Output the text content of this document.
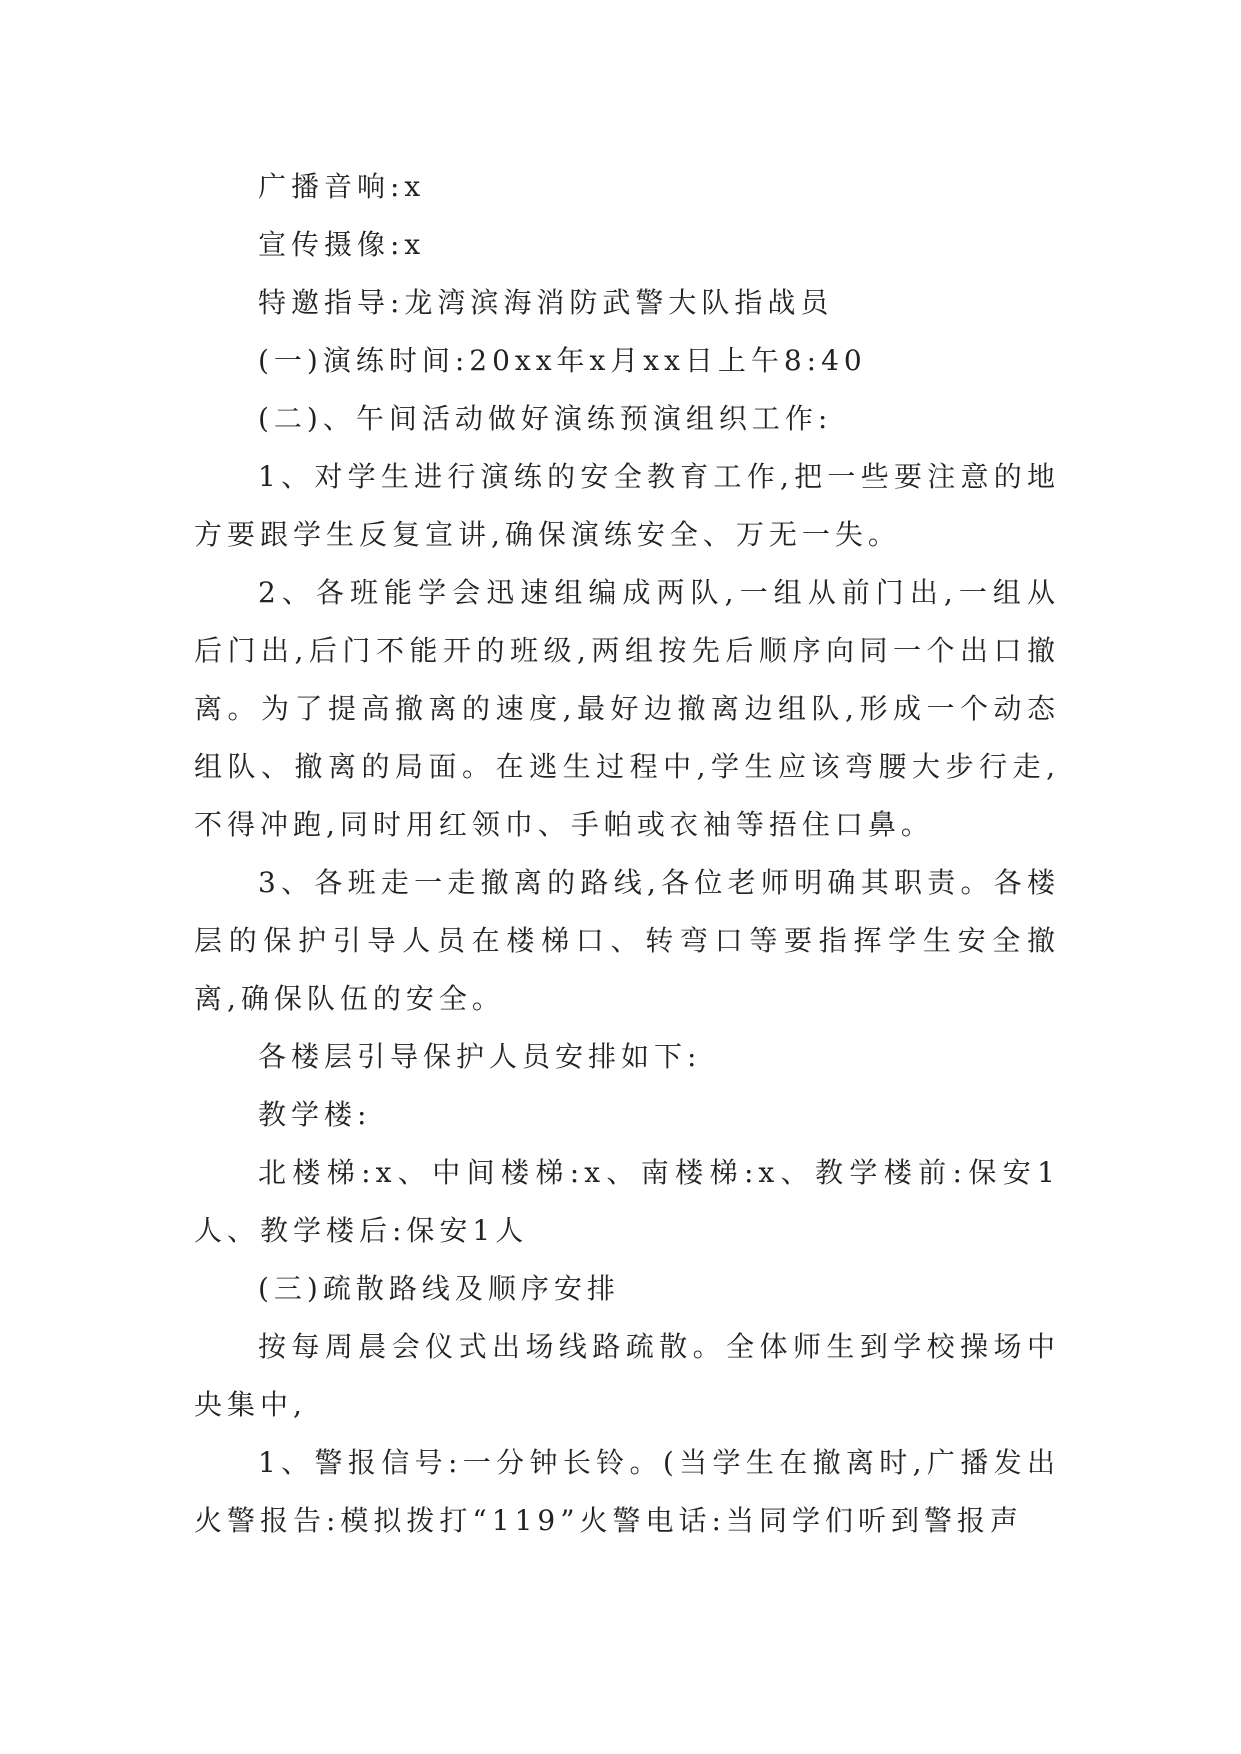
广播音响:x

宣传摄像:x

特邀指导:龙湾滨海消防武警大队指战员

(一)演练时间:20xx年x月xx日上午8:40

(二)、午间活动做好演练预演组织工作:

1、对学生进行演练的安全教育工作,把一些要注意的地方要跟学生反复宣讲,确保演练安全、万无一失。

2、各班能学会迅速组编成两队,一组从前门出,一组从后门出,后门不能开的班级,两组按先后顺序向同一个出口撤离。为了提高撤离的速度,最好边撤离边组队,形成一个动态组队、撤离的局面。在逃生过程中,学生应该弯腰大步行走,不得冲跑,同时用红领巾、手帕或衣袖等捂住口鼻。

3、各班走一走撤离的路线,各位老师明确其职责。各楼层的保护引导人员在楼梯口、转弯口等要指挥学生安全撤离,确保队伍的安全。

各楼层引导保护人员安排如下:

教学楼:

北楼梯:x、中间楼梯:x、南楼梯:x、教学楼前:保安1人、教学楼后:保安1人

(三)疏散路线及顺序安排

按每周晨会仪式出场线路疏散。全体师生到学校操场中央集中,

1、警报信号:一分钟长铃。(当学生在撤离时,广播发出火警报告:模拟拨打“119”火警电话:当同学们听到警报声
